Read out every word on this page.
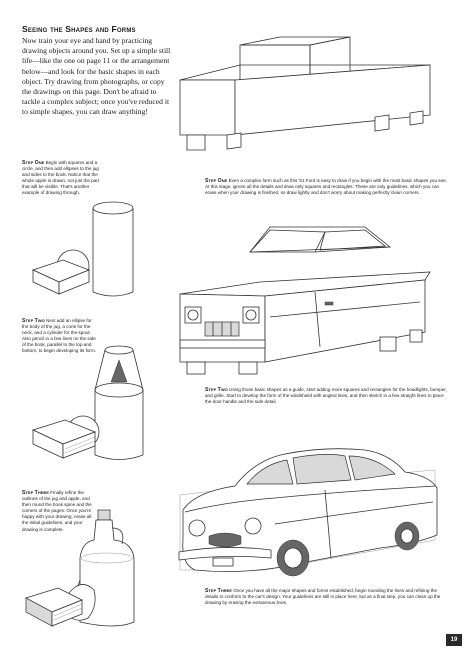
Seeing the Shapes and Forms
Now train your eye and hand by practicing drawing objects around you. Set up a simple still life—like the one on page 11 or the arrangement below—and look for the basic shapes in each object. Try drawing from photographs, or copy the drawings on this page. Don't be afraid to tackle a complex subject; once you've reduced it to simple shapes, you can draw anything!
Step One Begin with squares and a circle, and then add ellipses to the jug and sides to the book. Notice that the whole apple is drawn, not just the part that will be visible. That's another example of drawing through.
Step Two Next add an ellipse for the body of the jug, a cone for the neck, and a cylinder for the spout. Also pencil in a few lines on the side of the book, parallel to the top and bottom, to begin developing its form.
Step Three Finally refine the outlines of the jug and apple, and then round the book spine and the corners of the pages. Once you're happy with your drawing, erase all the initial guidelines, and your drawing is complete.
Step One Even a complex form such as this '51 Ford is easy to draw if you begin with the most basic shapes you see. At this stage, ignore all the details and draw only squares and rectangles. These are only guidelines, which you can erase when your drawing is finished, so draw lightly and don't worry about making perfectly clean corners.
Step Two Using those basic shapes as a guide, start adding more squares and rectangles for the headlights, bumper, and grille. Start to develop the form of the windshield with angled lines, and then sketch in a few straight lines to place the door handle and the side detail.
Step Three Once you have all the major shapes and forms established, begin rounding the lines and refining the details to conform to the car's design. Your guidelines are still in place here, but as a final step, you can clean up the drawing by erasing the extraneous lines.
19
